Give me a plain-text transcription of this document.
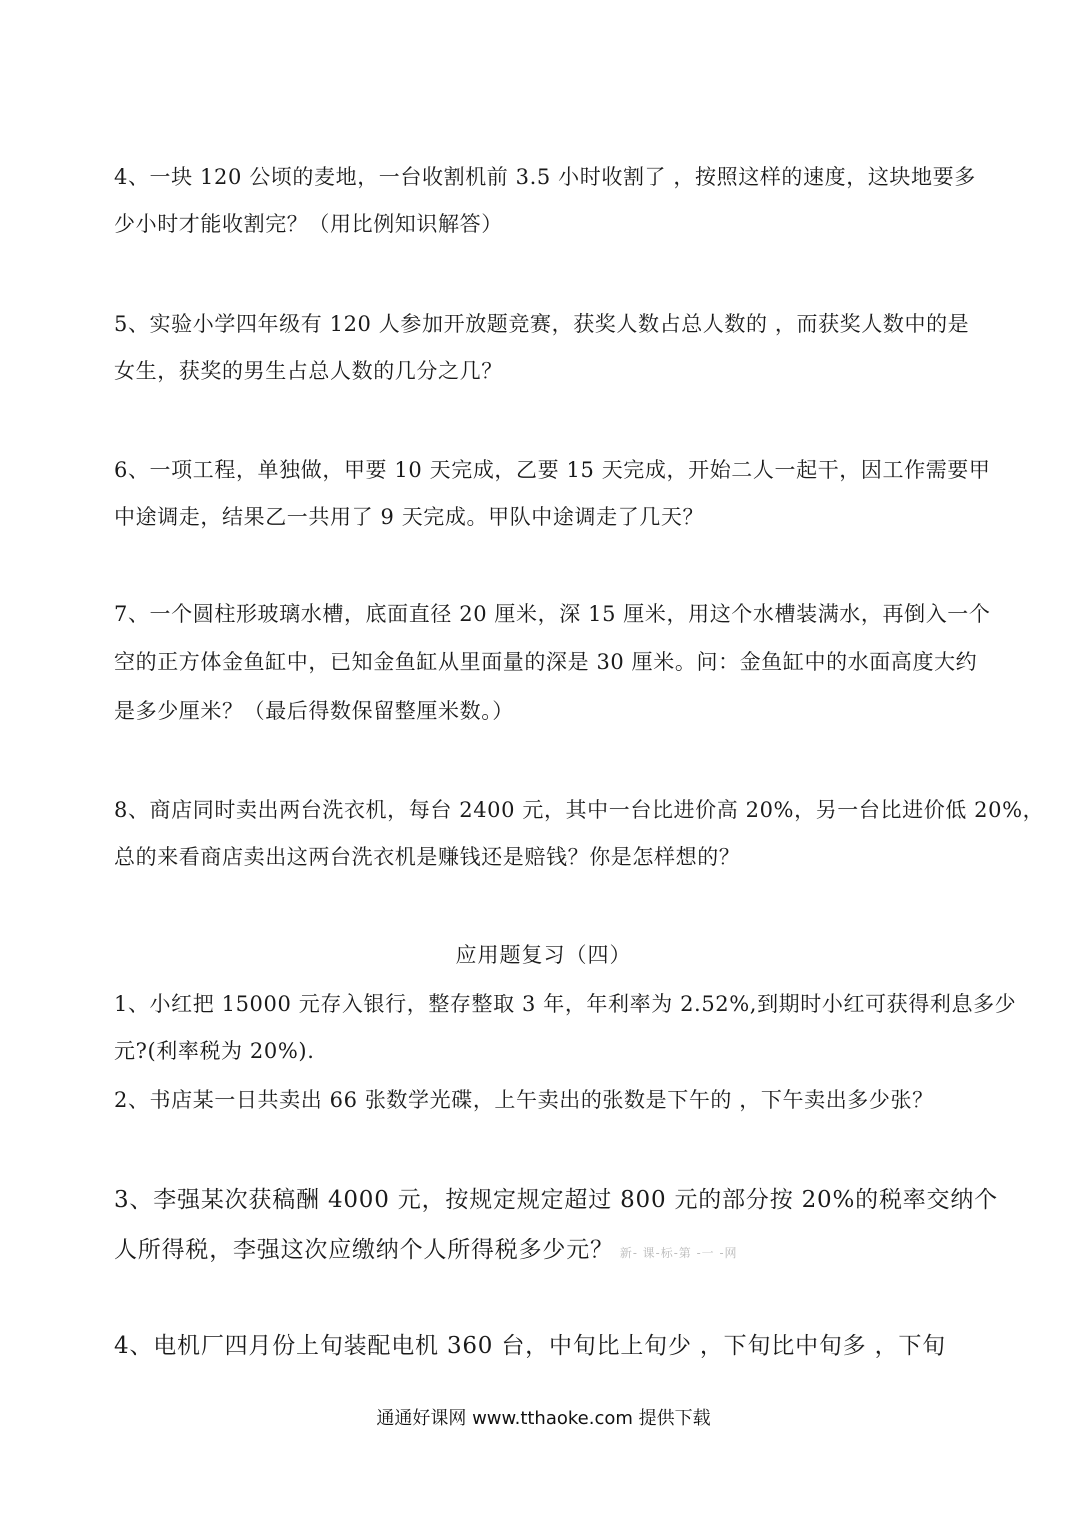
4、一块 120 公顷的麦地，一台收割机前 3.5 小时收割了 ，按照这样的速度，这块地要多
少小时才能收割完？（用比例知识解答）
5、实验小学四年级有 120 人参加开放题竞赛，获奖人数占总人数的 ，而获奖人数中的是
女生，获奖的男生占总人数的几分之几？
6、一项工程，单独做，甲要 10 天完成，乙要 15 天完成，开始二人一起干，因工作需要甲
中途调走，结果乙一共用了 9 天完成。甲队中途调走了几天？
7、一个圆柱形玻璃水槽，底面直径 20 厘米，深 15 厘米，用这个水槽装满水，再倒入一个
空的正方体金鱼缸中，已知金鱼缸从里面量的深是 30 厘米。问：金鱼缸中的水面高度大约
是多少厘米？（最后得数保留整厘米数。）
8、商店同时卖出两台洗衣机，每台 2400 元，其中一台比进价高 20%，另一台比进价低 20%，
总的来看商店卖出这两台洗衣机是赚钱还是赔钱？你是怎样想的？
应用题复习（四）
1、小红把 15000 元存入银行，整存整取 3 年，年利率为 2.52%,到期时小红可获得利息多少
元?(利率税为 20%).
2、书店某一日共卖出 66 张数学光碟，上午卖出的张数是下午的 ，下午卖出多少张？
3、李强某次获稿酬 4000 元，按规定规定超过 800 元的部分按 20%的税率交纳个
人所得税，李强这次应缴纳个人所得税多少元？ 新- 课-标-第 -一 -网
4、电机厂四月份上旬装配电机 360 台，中旬比上旬少 ，下旬比中旬多 ，下旬
通通好课网 www.tthaoke.com 提供下载
